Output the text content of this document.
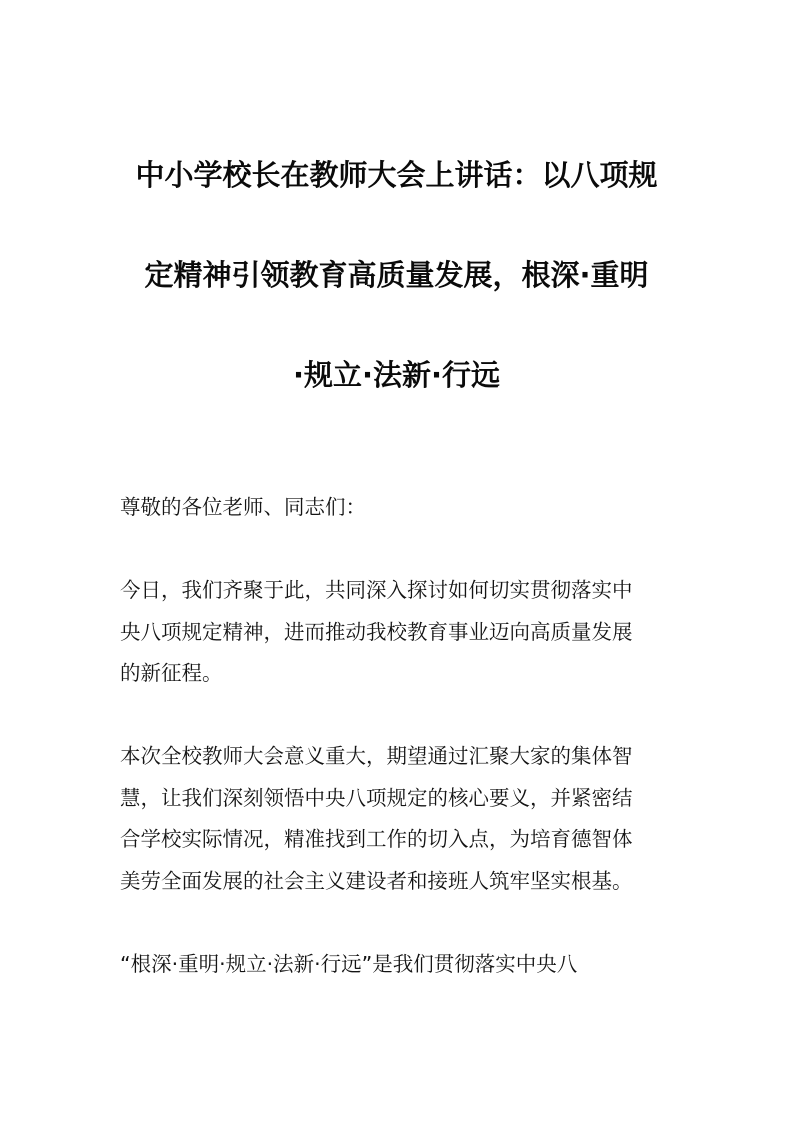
中小学校长在教师大会上讲话：以八项规
定精神引领教育高质量发展，根深·重明
·规立·法新·行远
尊敬的各位老师、同志们：
今日，我们齐聚于此，共同深入探讨如何切实贯彻落实中
央八项规定精神，进而推动我校教育事业迈向高质量发展
的新征程。
本次全校教师大会意义重大，期望通过汇聚大家的集体智
慧，让我们深刻领悟中央八项规定的核心要义，并紧密结
合学校实际情况，精准找到工作的切入点，为培育德智体
美劳全面发展的社会主义建设者和接班人筑牢坚实根基。
“根深·重明·规立·法新·行远”是我们贯彻落实中央八
